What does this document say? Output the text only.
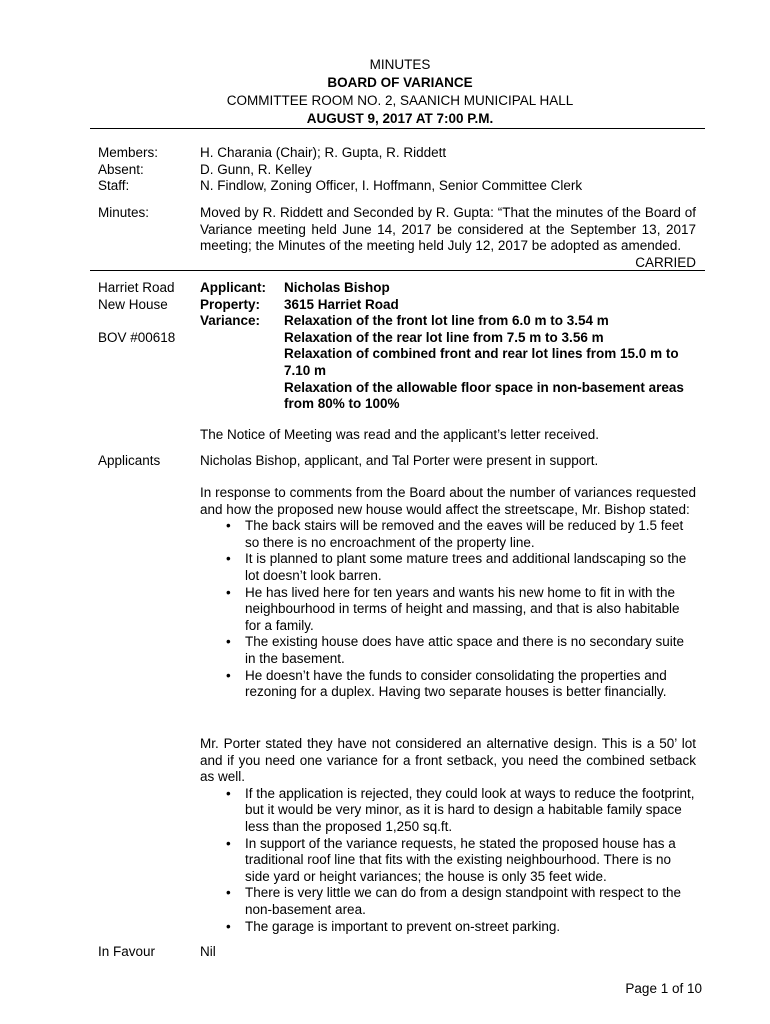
MINUTES
BOARD OF VARIANCE
COMMITTEE ROOM NO. 2, SAANICH MUNICIPAL HALL
AUGUST 9, 2017 AT 7:00 P.M.
Members:	H. Charania (Chair); R. Gupta, R. Riddett
Absent:	D. Gunn, R. Kelley
Staff:	N. Findlow, Zoning Officer, I. Hoffmann, Senior Committee Clerk
Minutes:	Moved by R. Riddett and Seconded by R. Gupta: “That the minutes of the Board of Variance meeting held June 14, 2017 be considered at the September 13, 2017 meeting; the Minutes of the meeting held July 12, 2017 be adopted as amended.

CARRIED

Harriet Road
New House
BOV #00618
Applicant:	Nicholas Bishop
Property:	3615 Harriet Road
Variance:	Relaxation of the front lot line from 6.0 m to 3.54 m
Relaxation of the rear lot line from 7.5 m to 3.56 m
Relaxation of combined front and rear lot lines from 15.0 m to 7.10 m
Relaxation of the allowable floor space in non-basement areas from 80% to 100%
The Notice of Meeting was read and the applicant’s letter received.
Applicants	Nicholas Bishop, applicant, and Tal Porter were present in support.

In response to comments from the Board about the number of variances requested and how the proposed new house would affect the streetscape, Mr. Bishop stated:

• The back stairs will be removed and the eaves will be reduced by 1.5 feet so there is no encroachment of the property line.
• It is planned to plant some mature trees and additional landscaping so the lot doesn’t look barren.
• He has lived here for ten years and wants his new home to fit in with the neighbourhood in terms of height and massing, and that is also habitable for a family.
• The existing house does have attic space and there is no secondary suite in the basement.
• He doesn’t have the funds to consider consolidating the properties and rezoning for a duplex. Having two separate houses is better financially.

Mr. Porter stated they have not considered an alternative design. This is a 50’ lot and if you need one variance for a front setback, you need the combined setback as well.

• If the application is rejected, they could look at ways to reduce the footprint, but it would be very minor, as it is hard to design a habitable family space less than the proposed 1,250 sq.ft.
• In support of the variance requests, he stated the proposed house has a traditional roof line that fits with the existing neighbourhood. There is no side yard or height variances; the house is only 35 feet wide.
• There is very little we can do from a design standpoint with respect to the non-basement area.
• The garage is important to prevent on-street parking.
In Favour	Nil
Page 1 of 10
